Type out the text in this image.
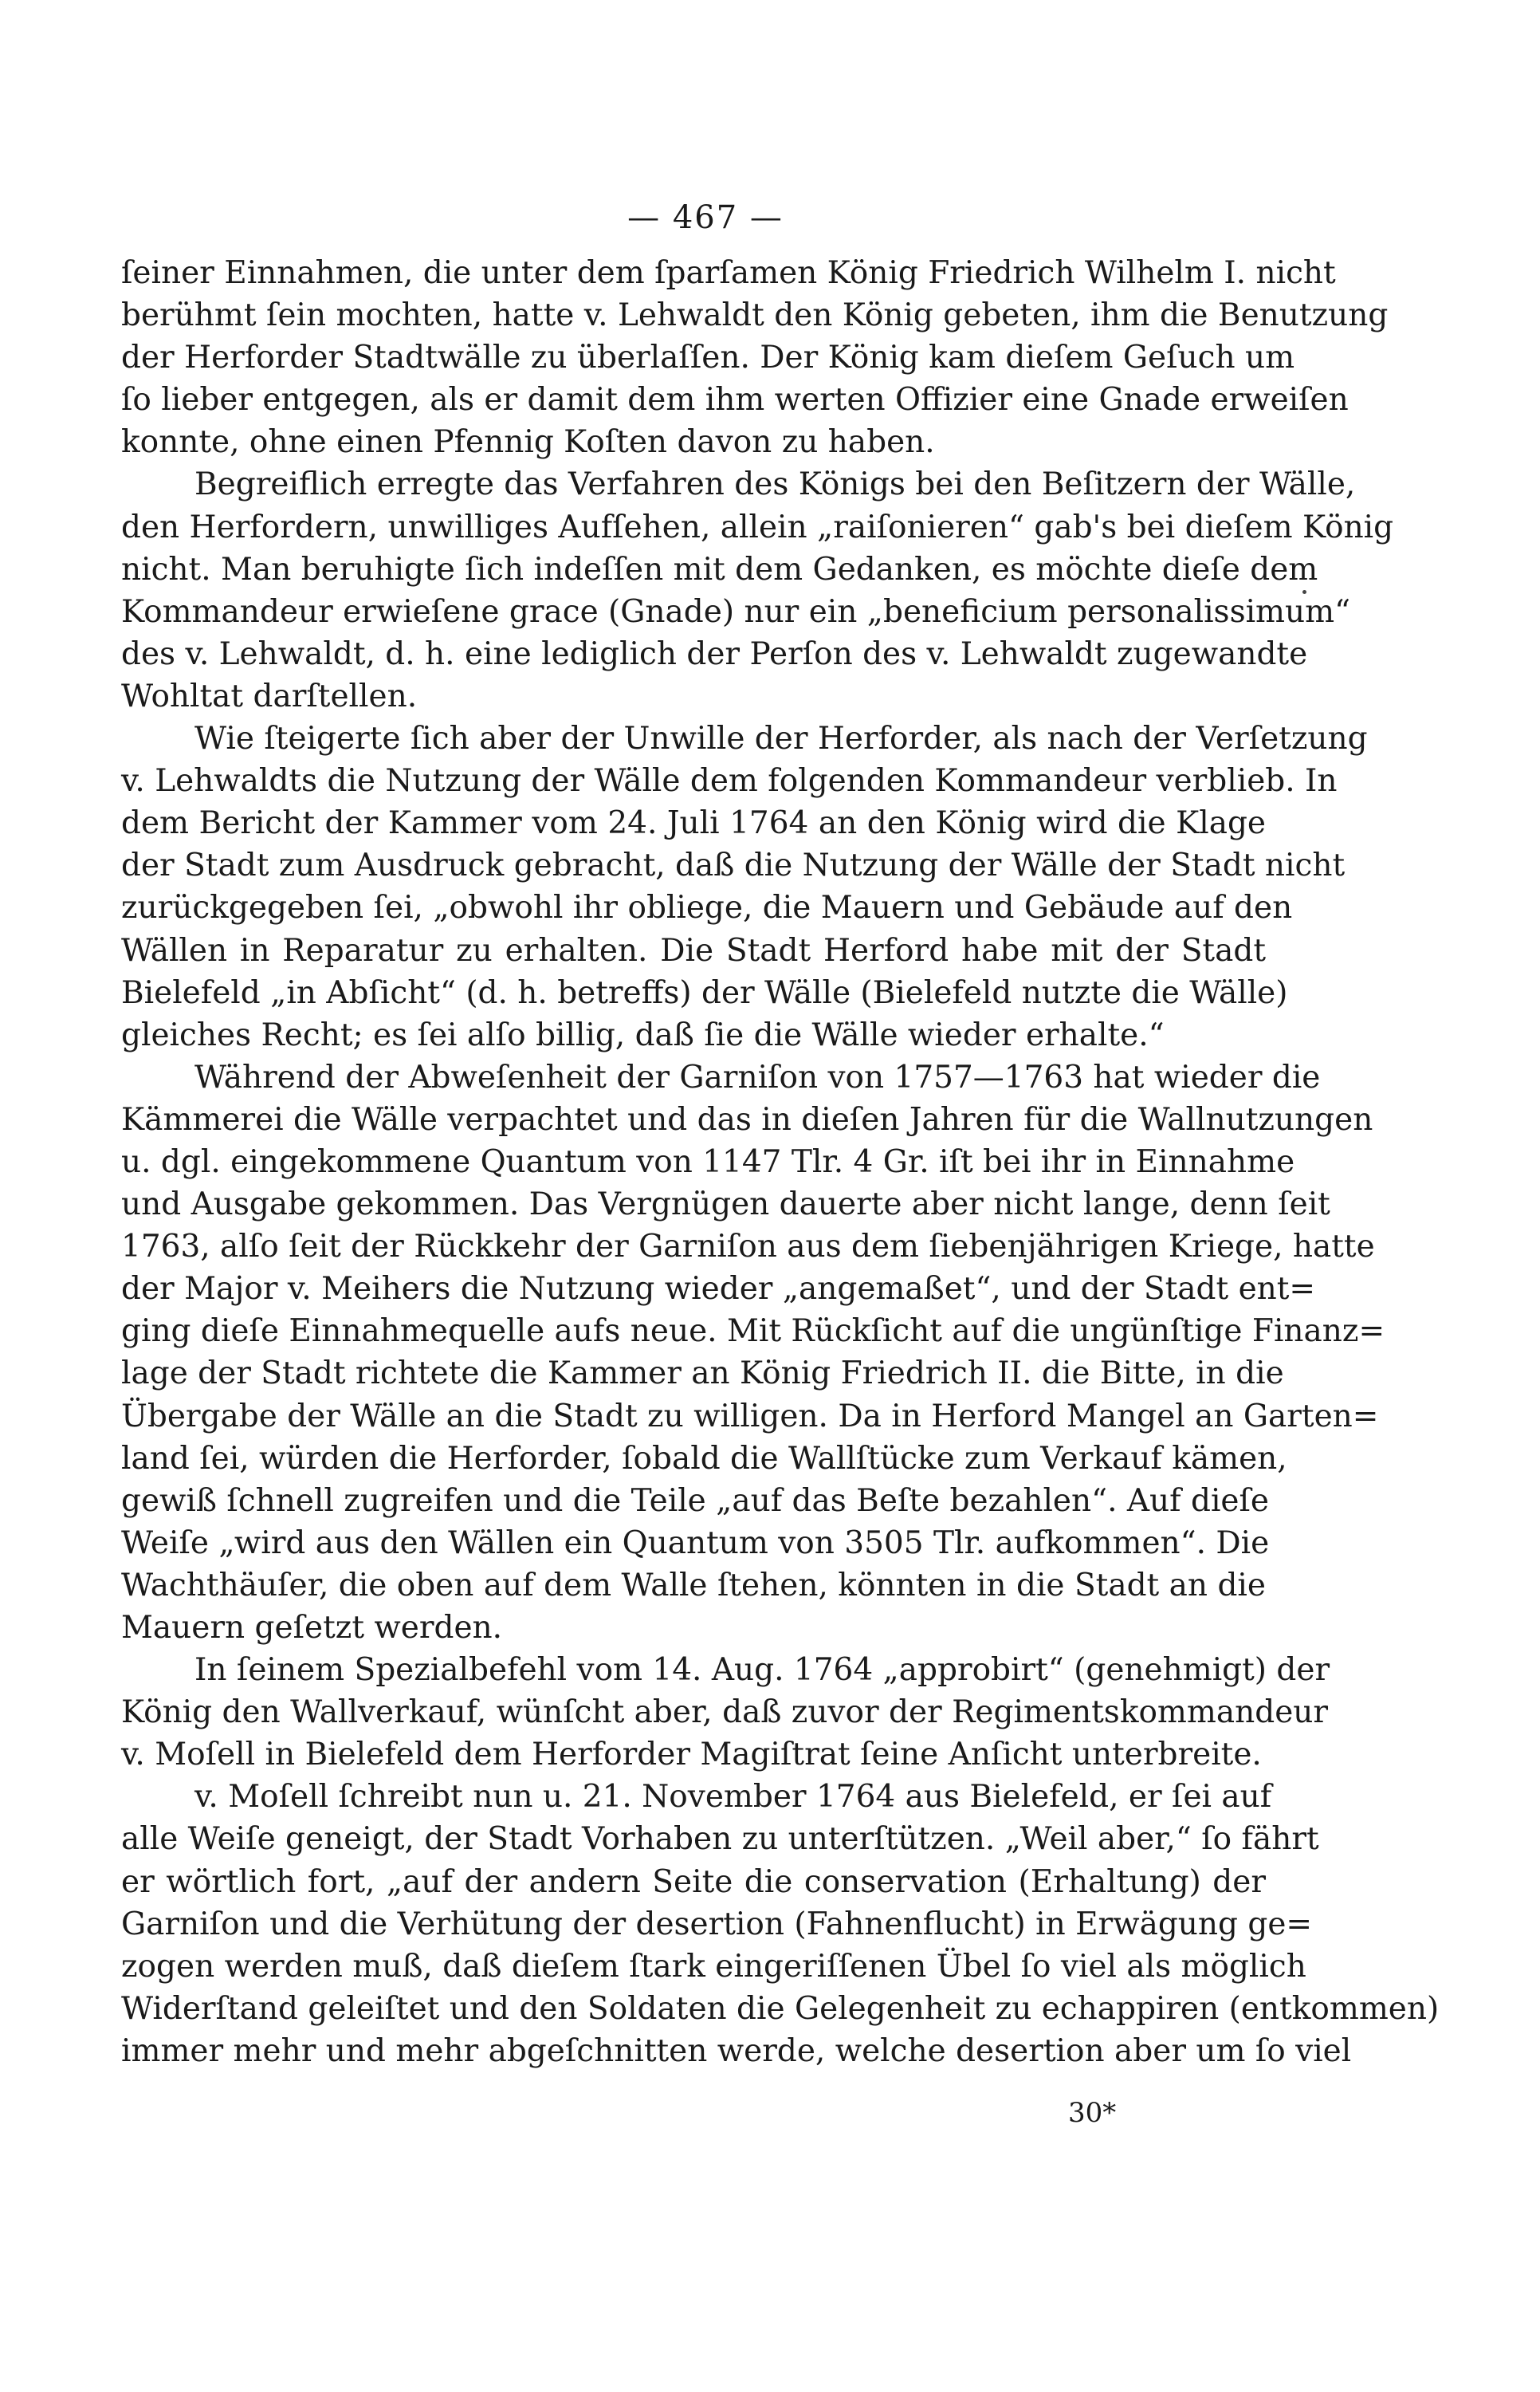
— 467 —
ſeiner Einnahmen, die unter dem ſparſamen König Friedrich Wilhelm I. nicht
berühmt ſein mochten, hatte v. Lehwaldt den König gebeten, ihm die Benutzung
der Herforder Stadtwälle zu überlaſſen. Der König kam dieſem Geſuch um
ſo lieber entgegen, als er damit dem ihm werten Offizier eine Gnade erweiſen
konnte, ohne einen Pfennig Koſten davon zu haben.
Begreiflich erregte das Verfahren des Königs bei den Beſitzern der Wälle,
den Herfordern, unwilliges Aufſehen, allein „raiſonieren“ gab's bei dieſem König
nicht. Man beruhigte ſich indeſſen mit dem Gedanken, es möchte dieſe dem
Kommandeur erwieſene grace (Gnade) nur ein „beneficium personalissimum“
des v. Lehwaldt, d. h. eine lediglich der Perſon des v. Lehwaldt zugewandte
Wohltat darſtellen.
Wie ſteigerte ſich aber der Unwille der Herforder, als nach der Verſetzung
v. Lehwaldts die Nutzung der Wälle dem folgenden Kommandeur verblieb. In
dem Bericht der Kammer vom 24. Juli 1764 an den König wird die Klage
der Stadt zum Ausdruck gebracht, daß die Nutzung der Wälle der Stadt nicht
zurückgegeben ſei, „obwohl ihr obliege, die Mauern und Gebäude auf den
Wällen in Reparatur zu erhalten. Die Stadt Herford habe mit der Stadt
Bielefeld „in Abſicht“ (d. h. betreffs) der Wälle (Bielefeld nutzte die Wälle)
gleiches Recht; es ſei alſo billig, daß ſie die Wälle wieder erhalte.“
Während der Abweſenheit der Garniſon von 1757—1763 hat wieder die
Kämmerei die Wälle verpachtet und das in dieſen Jahren für die Wallnutzungen
u. dgl. eingekommene Quantum von 1147 Tlr. 4 Gr. iſt bei ihr in Einnahme
und Ausgabe gekommen. Das Vergnügen dauerte aber nicht lange, denn ſeit
1763, alſo ſeit der Rückkehr der Garniſon aus dem ſiebenjährigen Kriege, hatte
der Major v. Meihers die Nutzung wieder „angemaßet“, und der Stadt ent=
ging dieſe Einnahmequelle aufs neue. Mit Rückſicht auf die ungünſtige Finanz=
lage der Stadt richtete die Kammer an König Friedrich II. die Bitte, in die
Übergabe der Wälle an die Stadt zu willigen. Da in Herford Mangel an Garten=
land ſei, würden die Herforder, ſobald die Wallſtücke zum Verkauf kämen,
gewiß ſchnell zugreifen und die Teile „auf das Beſte bezahlen“. Auf dieſe
Weiſe „wird aus den Wällen ein Quantum von 3505 Tlr. aufkommen“. Die
Wachthäuſer, die oben auf dem Walle ſtehen, könnten in die Stadt an die
Mauern geſetzt werden.
In ſeinem Spezialbefehl vom 14. Aug. 1764 „approbirt“ (genehmigt) der
König den Wallverkauf, wünſcht aber, daß zuvor der Regimentskommandeur
v. Moſell in Bielefeld dem Herforder Magiſtrat ſeine Anſicht unterbreite.
v. Moſell ſchreibt nun u. 21. November 1764 aus Bielefeld, er ſei auf
alle Weiſe geneigt, der Stadt Vorhaben zu unterſtützen. „Weil aber,“ ſo fährt
er wörtlich fort, „auf der andern Seite die conservation (Erhaltung) der
Garniſon und die Verhütung der desertion (Fahnenflucht) in Erwägung ge=
zogen werden muß, daß dieſem ſtark eingeriſſenen Übel ſo viel als möglich
Widerſtand geleiſtet und den Soldaten die Gelegenheit zu echappiren (entkommen)
immer mehr und mehr abgeſchnitten werde, welche desertion aber um ſo viel
30*
